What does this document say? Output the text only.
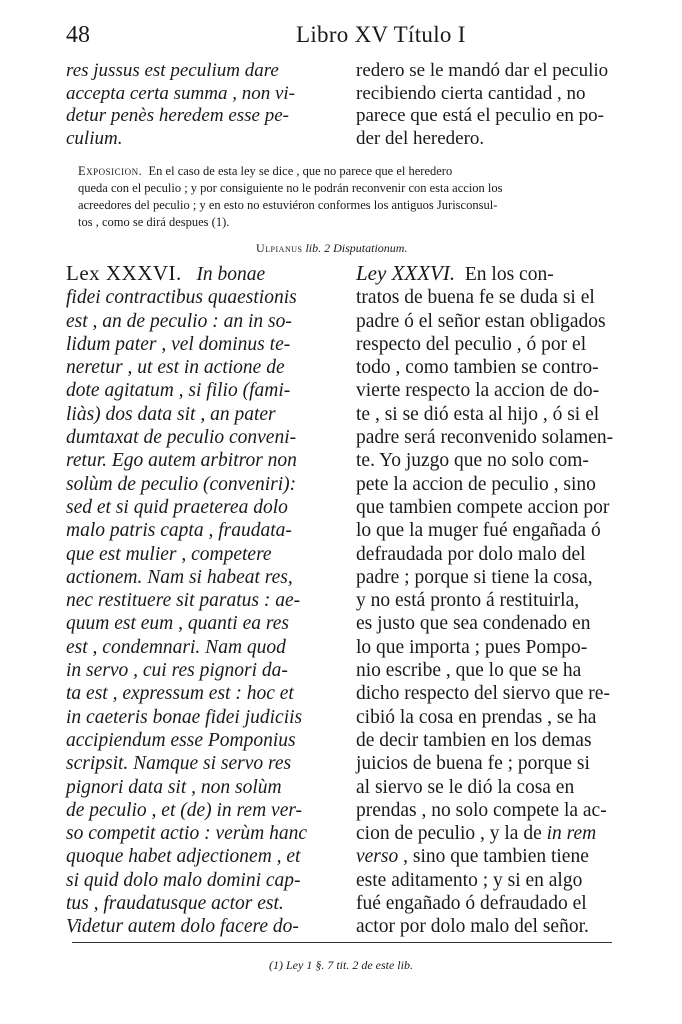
48	Libro XV Título I
res jussus est peculium dare
accepta certa summa , non vi-
detur penès heredem esse pe-
culium.
redero se le mandó dar el peculio
recibiendo cierta cantidad , no
parece que está el peculio en po-
der del heredero.
Exposicion.  En el caso de esta ley se dice , que no parece que el heredero
queda con el peculio ; y por consiguiente no le podrán reconvenir con esta accion los
acreedores del peculio ; y en esto no estuviéron conformes los antiguos Jurisconsul-
tos , como se dirá despues (1).
Ulpianus lib. 2 Disputationum.
Lex XXXVI.   In bonae
fidei contractibus quaestionis
est , an de peculio : an in so-
lidum pater , vel dominus te-
neretur , ut est in actione de
dote agitatum , si filio (fami-
liàs) dos data sit , an pater
dumtaxat de peculio conveni-
retur. Ego autem arbitror non
solùm de peculio (conveniri):
sed et si quid praeterea dolo
malo patris capta , fraudata-
que est mulier , competere
actionem. Nam si habeat res,
nec restituere sit paratus : ae-
quum est eum , quanti ea res
est , condemnari. Nam quod
in servo , cui res pignori da-
ta est , expressum est : hoc et
in caeteris bonae fidei judiciis
accipiendum esse Pomponius
scripsit. Namque si servo res
pignori data sit , non solùm
de peculio , et (de) in rem ver-
so competit actio : verùm hanc
quoque habet adjectionem , et
si quid dolo malo domini cap-
tus , fraudatusque actor est.
Videtur autem dolo facere do-
Ley XXXVI.  En los con-
tratos de buena fe se duda si el
padre ó el señor estan obligados
respecto del peculio , ó por el
todo , como tambien se contro-
vierte respecto la accion de do-
te , si se dió esta al hijo , ó si el
padre será reconvenido solamen-
te. Yo juzgo que no solo com-
pete la accion de peculio , sino
que tambien compete accion por
lo que la muger fué engañada ó
defraudada por dolo malo del
padre ; porque si tiene la cosa,
y no está pronto á restituirla,
es justo que sea condenado en
lo que importa ; pues Pompo-
nio escribe , que lo que se ha
dicho respecto del siervo que re-
cibió la cosa en prendas , se ha
de decir tambien en los demas
juicios de buena fe ; porque si
al siervo se le dió la cosa en
prendas , no solo compete la ac-
cion de peculio , y la de in rem
verso , sino que tambien tiene
este aditamento ; y si en algo
fué engañado ó defraudado el
actor por dolo malo del señor.
(1) Ley 1 §. 7 tit. 2 de este lib.
